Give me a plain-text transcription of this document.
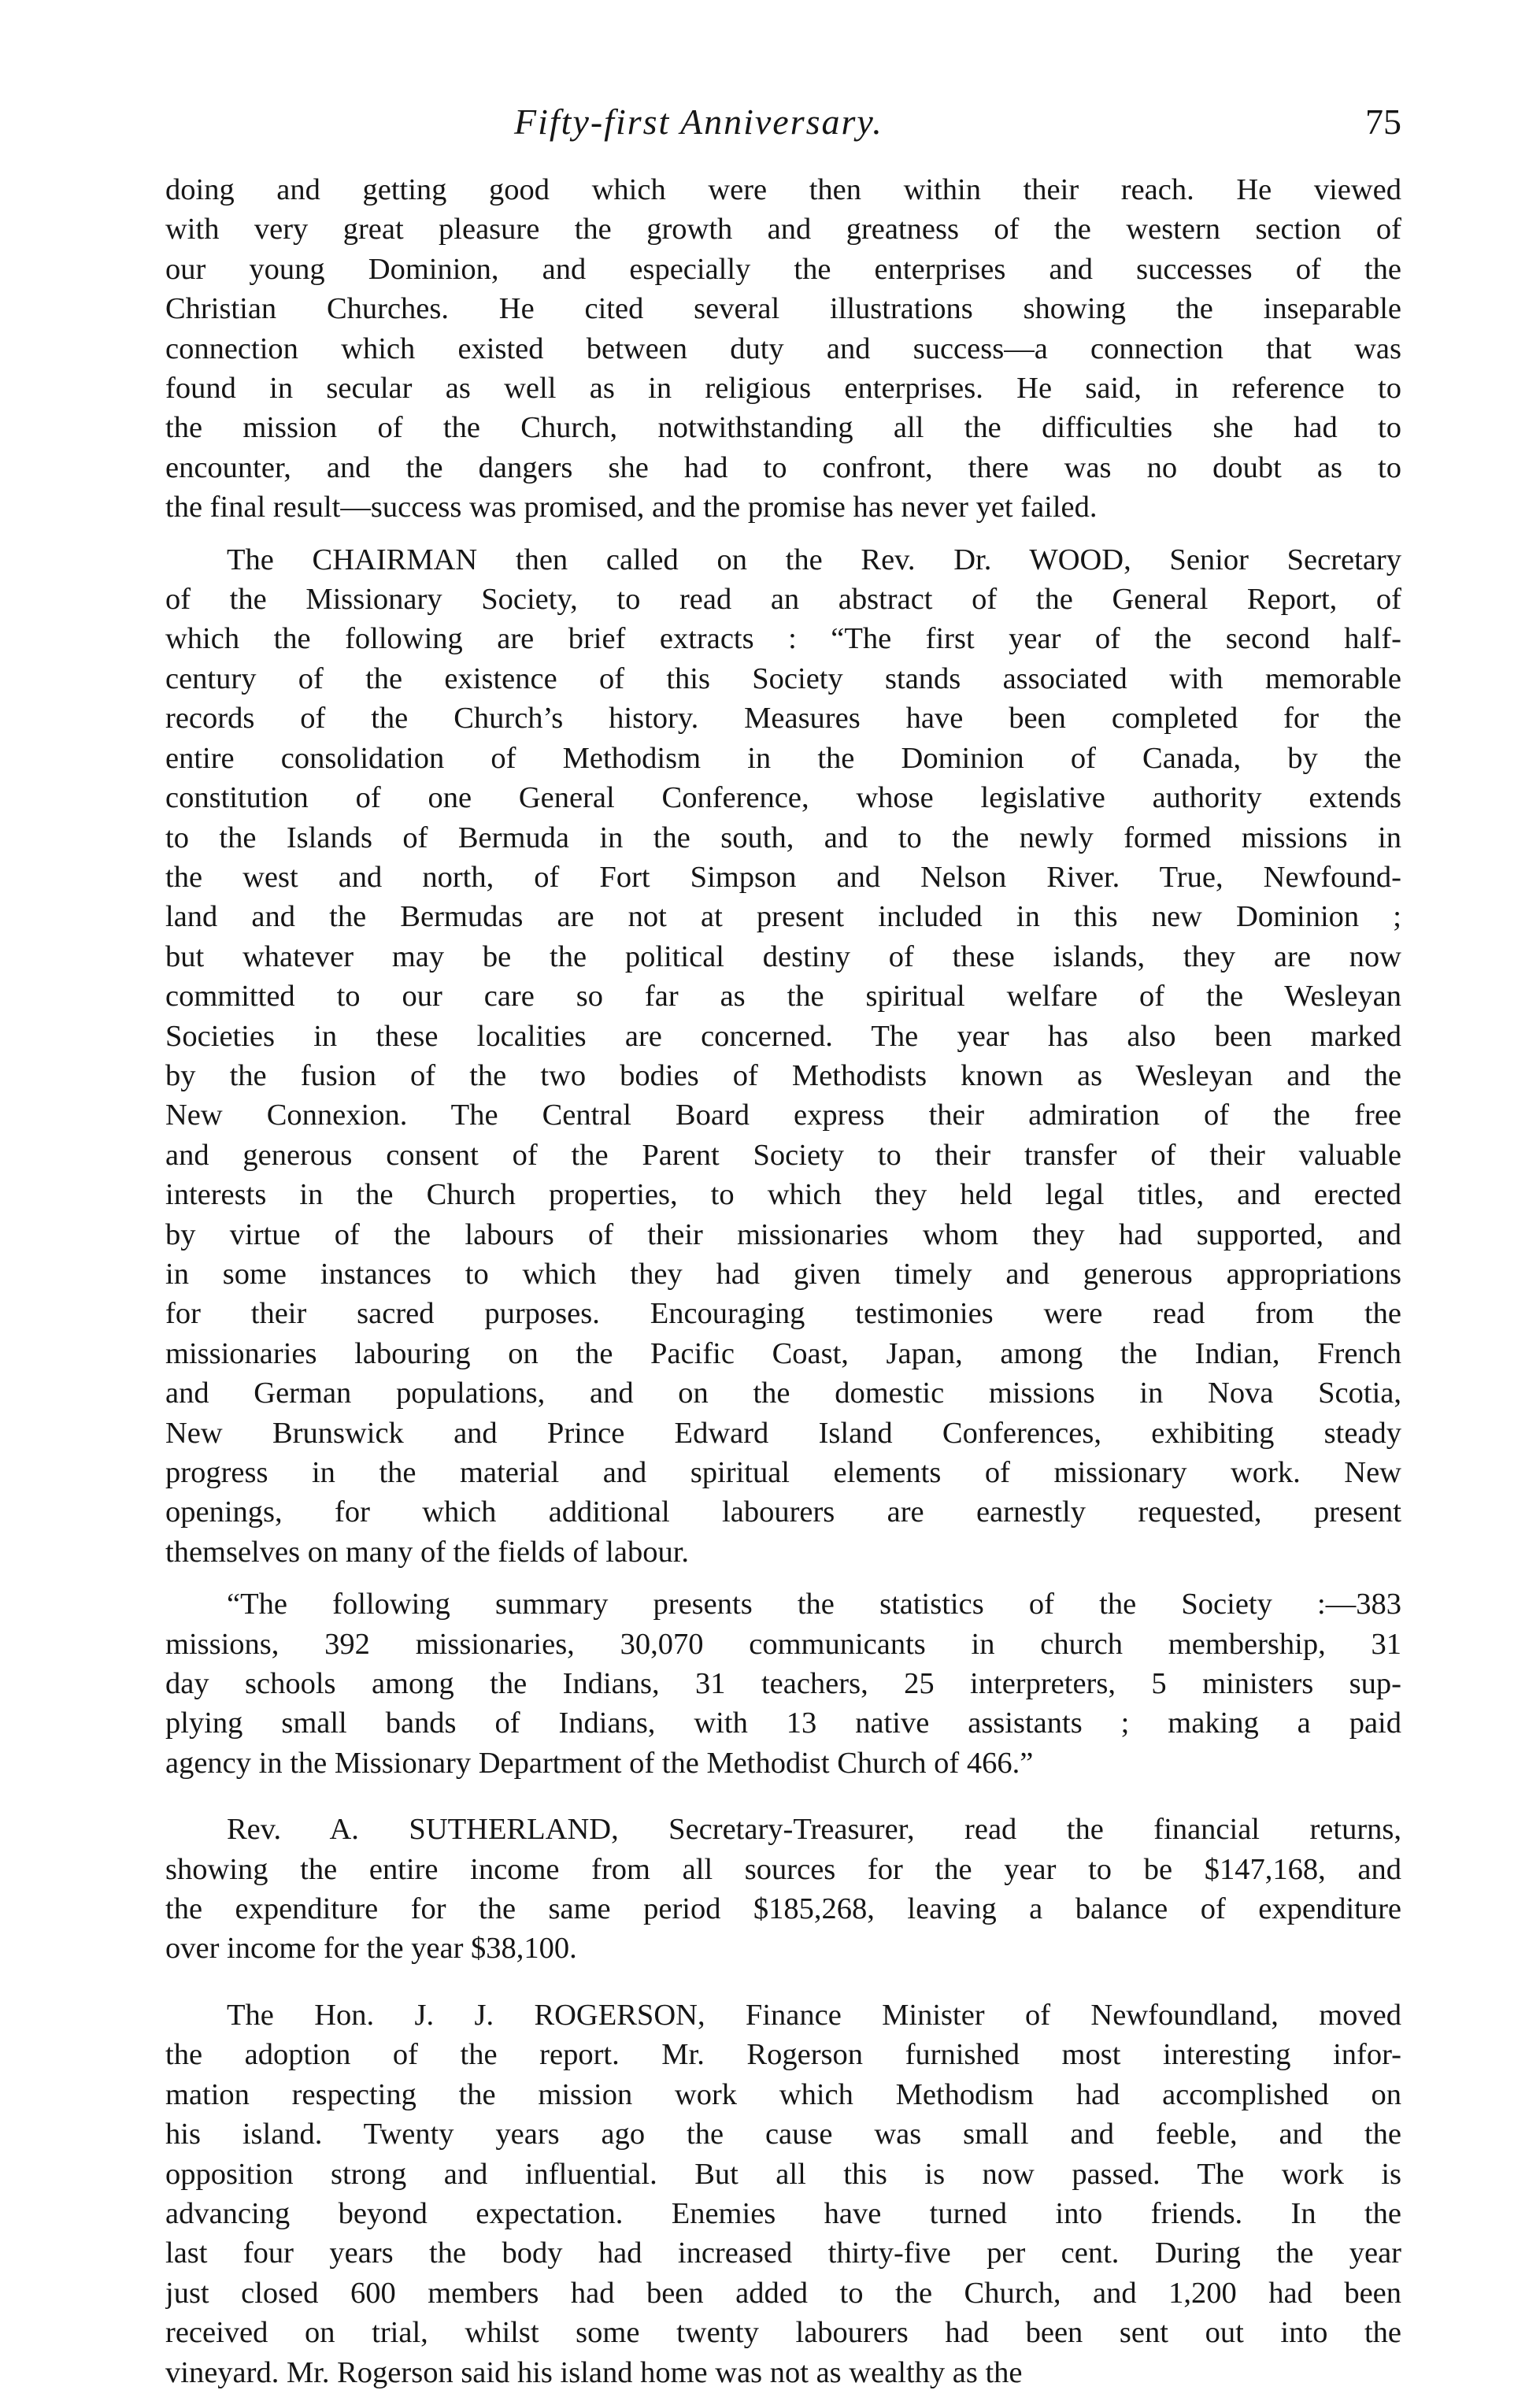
Fifty-first Anniversary.	75
doing and getting good which were then within their reach. He viewed
with very great pleasure the growth and greatness of the western section of
our young Dominion, and especially the enterprises and successes of the
Christian Churches. He cited several illustrations showing the inseparable
connection which existed between duty and success—a connection that was
found in secular as well as in religious enterprises. He said, in reference to
the mission of the Church, notwithstanding all the difficulties she had to
encounter, and the dangers she had to confront, there was no doubt as to
the final result—success was promised, and the promise has never yet failed.
The CHAIRMAN then called on the Rev. Dr. WOOD, Senior Secretary
of the Missionary Society, to read an abstract of the General Report, of
which the following are brief extracts : “The first year of the second half-
century of the existence of this Society stands associated with memorable
records of the Church’s history. Measures have been completed for the
entire consolidation of Methodism in the Dominion of Canada, by the
constitution of one General Conference, whose legislative authority extends
to the Islands of Bermuda in the south, and to the newly formed missions in
the west and north, of Fort Simpson and Nelson River. True, Newfound-
land and the Bermudas are not at present included in this new Dominion ;
but whatever may be the political destiny of these islands, they are now
committed to our care so far as the spiritual welfare of the Wesleyan
Societies in these localities are concerned. The year has also been marked
by the fusion of the two bodies of Methodists known as Wesleyan and the
New Connexion. The Central Board express their admiration of the free
and generous consent of the Parent Society to their transfer of their valuable
interests in the Church properties, to which they held legal titles, and erected
by virtue of the labours of their missionaries whom they had supported, and
in some instances to which they had given timely and generous appropriations
for their sacred purposes. Encouraging testimonies were read from the
missionaries labouring on the Pacific Coast, Japan, among the Indian, French
and German populations, and on the domestic missions in Nova Scotia,
New Brunswick and Prince Edward Island Conferences, exhibiting steady
progress in the material and spiritual elements of missionary work. New
openings, for which additional labourers are earnestly requested, present
themselves on many of the fields of labour.
“The following summary presents the statistics of the Society :—383
missions, 392 missionaries, 30,070 communicants in church membership, 31
day schools among the Indians, 31 teachers, 25 interpreters, 5 ministers sup-
plying small bands of Indians, with 13 native assistants ; making a paid
agency in the Missionary Department of the Methodist Church of 466.”
Rev. A. SUTHERLAND, Secretary-Treasurer, read the financial returns,
showing the entire income from all sources for the year to be $147,168, and
the expenditure for the same period $185,268, leaving a balance of expenditure
over income for the year $38,100.
The Hon. J. J. ROGERSON, Finance Minister of Newfoundland, moved
the adoption of the report. Mr. Rogerson furnished most interesting infor-
mation respecting the mission work which Methodism had accomplished on
his island. Twenty years ago the cause was small and feeble, and the
opposition strong and influential. But all this is now passed. The work is
advancing beyond expectation. Enemies have turned into friends. In the
last four years the body had increased thirty-five per cent. During the year
just closed 600 members had been added to the Church, and 1,200 had been
received on trial, whilst some twenty labourers had been sent out into the
vineyard. Mr. Rogerson said his island home was not as wealthy as the
